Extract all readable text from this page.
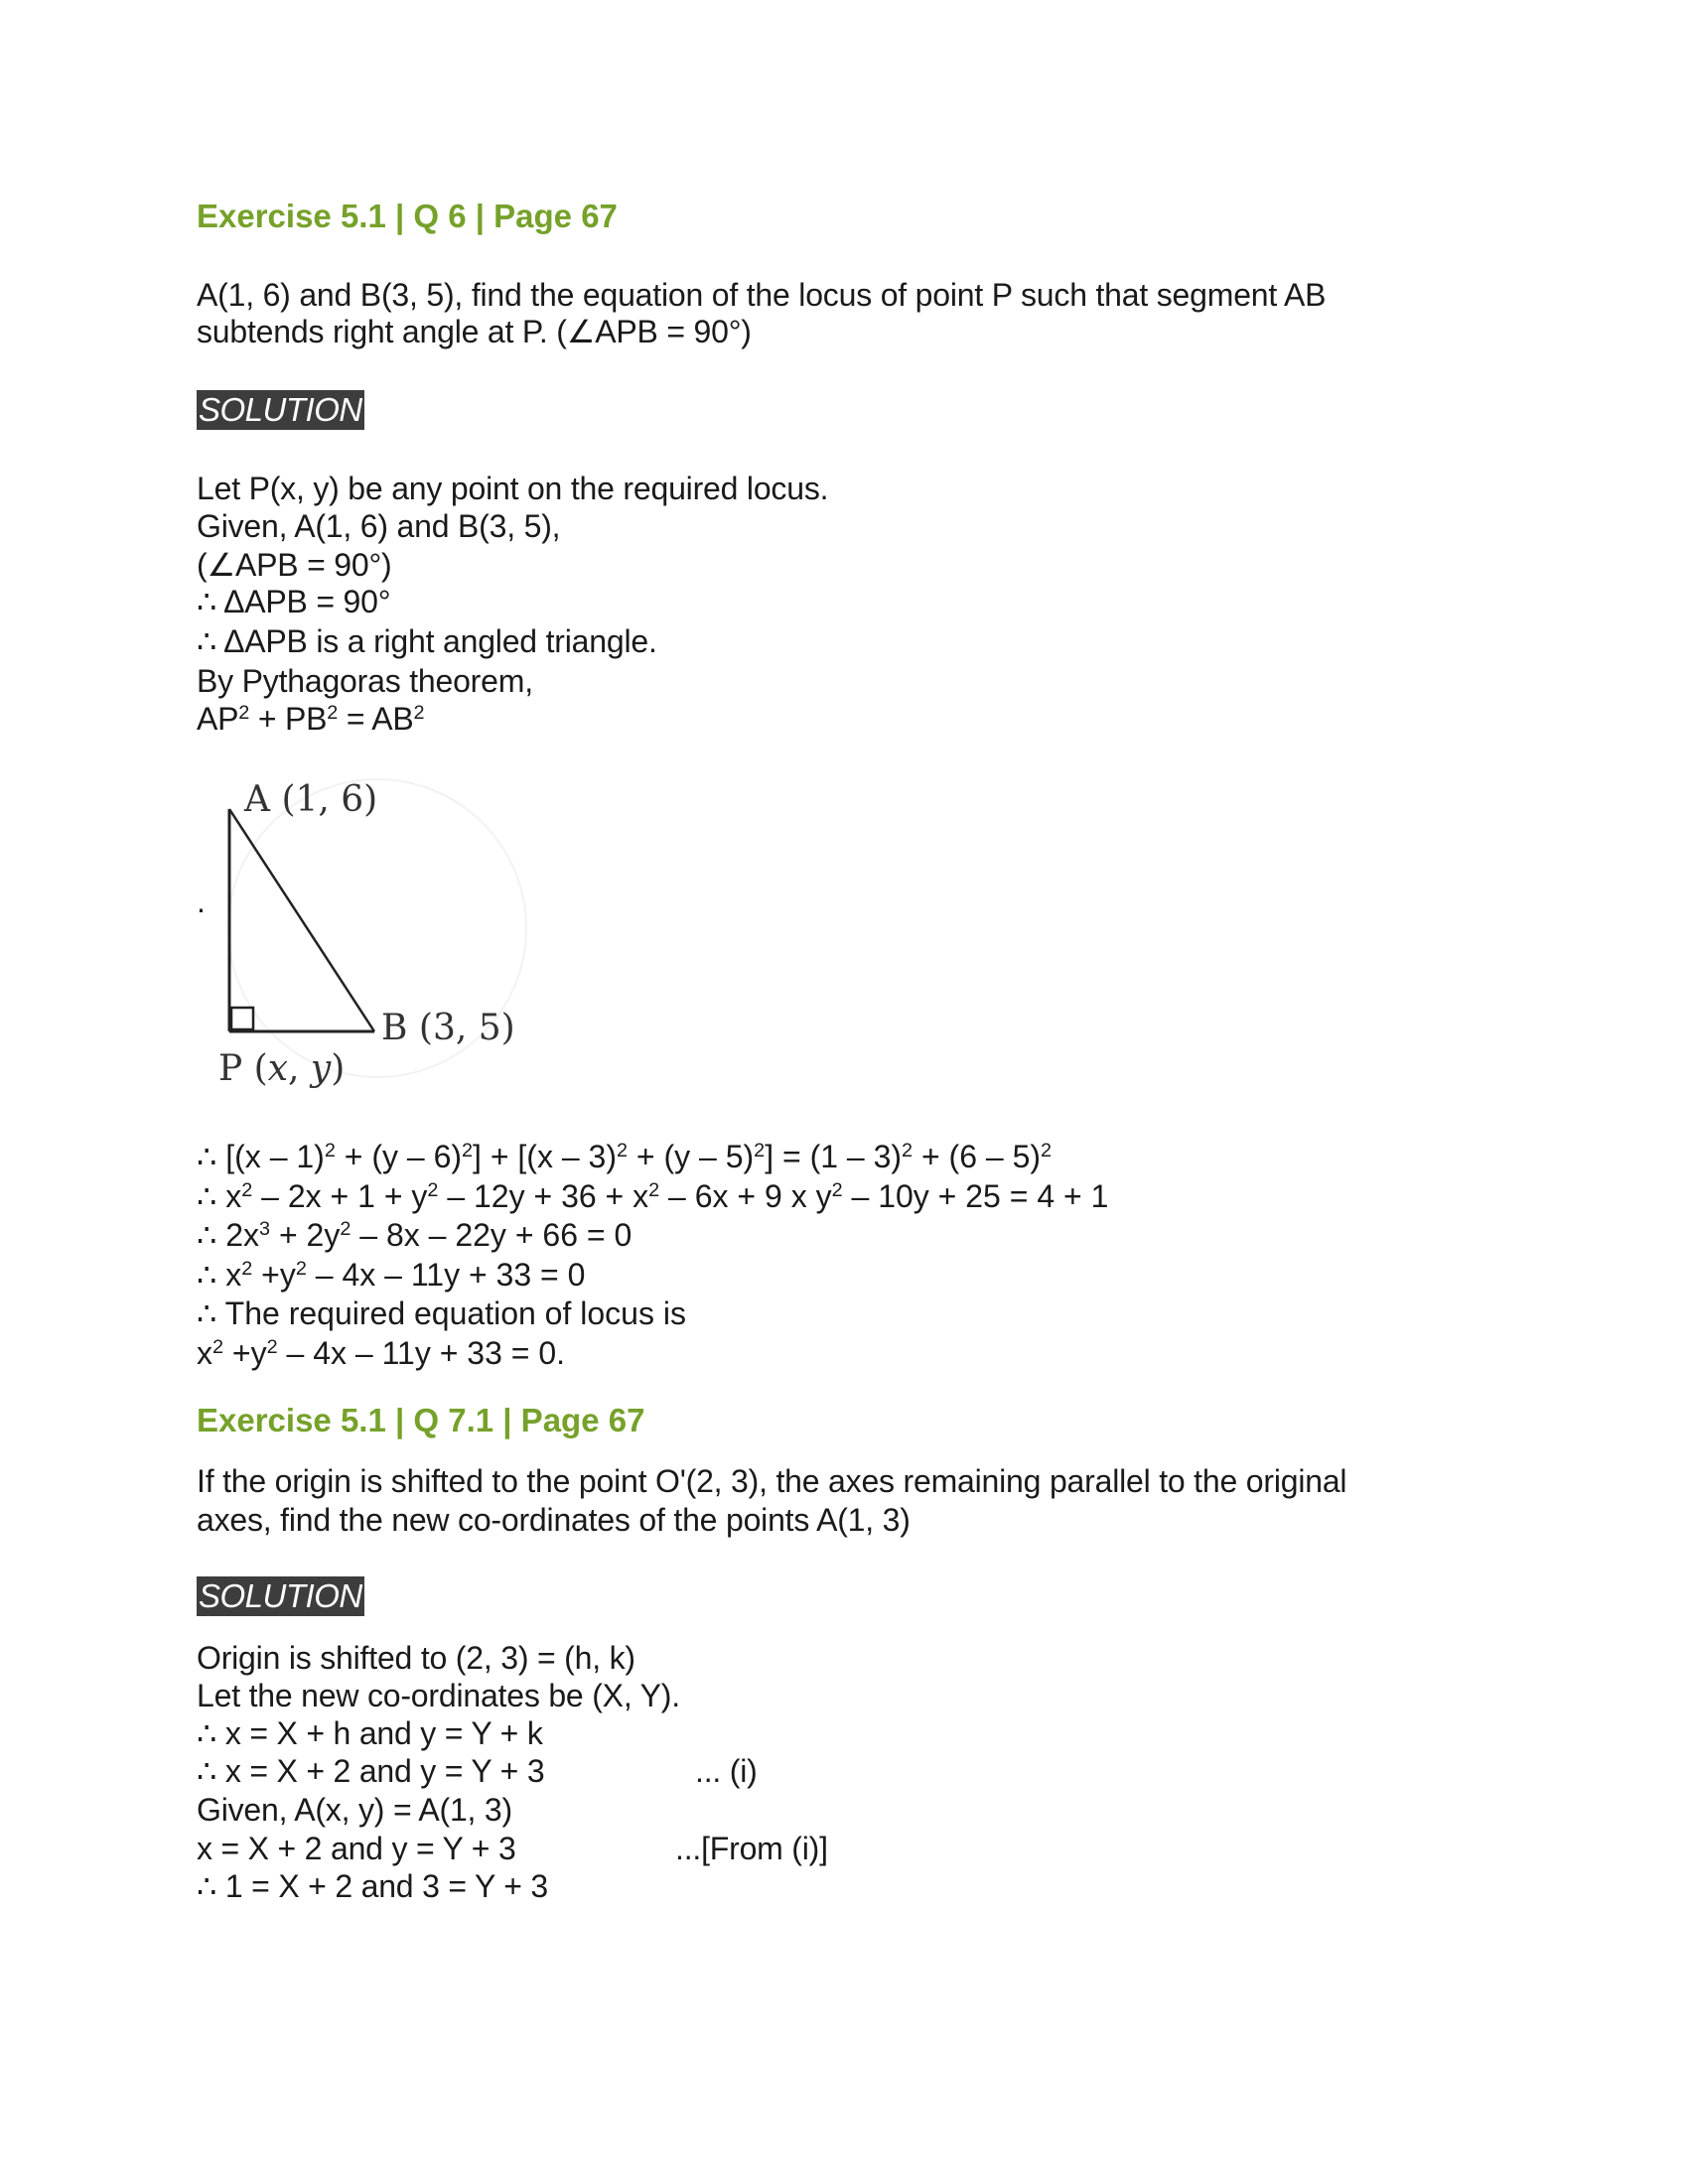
Exercise 5.1 | Q 6 | Page 67
A(1, 6) and B(3, 5), find the equation of the locus of point P such that segment AB
subtends right angle at P. (∠APB = 90°)
SOLUTION
Let P(x, y) be any point on the required locus.
Given, A(1, 6) and B(3, 5),
(∠APB = 90°)
∴ ΔAPB = 90°
∴ ΔAPB is a right angled triangle.
By Pythagoras theorem,
$AP^2 + PB^2 = AB^2$
A (1, 6)
B (3, 5)
P (x, y)
.
∴ [(x – 1)$^2$ + (y – 6)$^2$] + [(x – 3)$^2$ + (y – 5)$^2$] = (1 – 3)$^2$ + (6 – 5)$^2$
∴ $x^2 - 2x + 1 + y^2 - 12y + 36 + x^2 - 6x + 9$ x $y^2 - 10y + 25 = 4 + 1$
∴ $2x^3 + 2y^2 - 8x - 22y + 66 = 0$
∴ $x^2 +y^2 - 4x - 11y + 33 = 0$
∴ The required equation of locus is
$x^2 +y^2 - 4x - 11y + 33 = 0$.
Exercise 5.1 | Q 7.1 | Page 67
If the origin is shifted to the point O'(2, 3), the axes remaining parallel to the original
axes, find the new co-ordinates of the points A(1, 3)
SOLUTION
Origin is shifted to (2, 3) = (h, k)
Let the new co-ordinates be (X, Y).
∴ x = X + h and y = Y + k
∴ x = X + 2 and y = Y + 3	... (i)
Given, A(x, y) = A(1, 3)
x = X + 2 and y = Y + 3	...[From (i)]
∴ 1 = X + 2 and 3 = Y + 3
